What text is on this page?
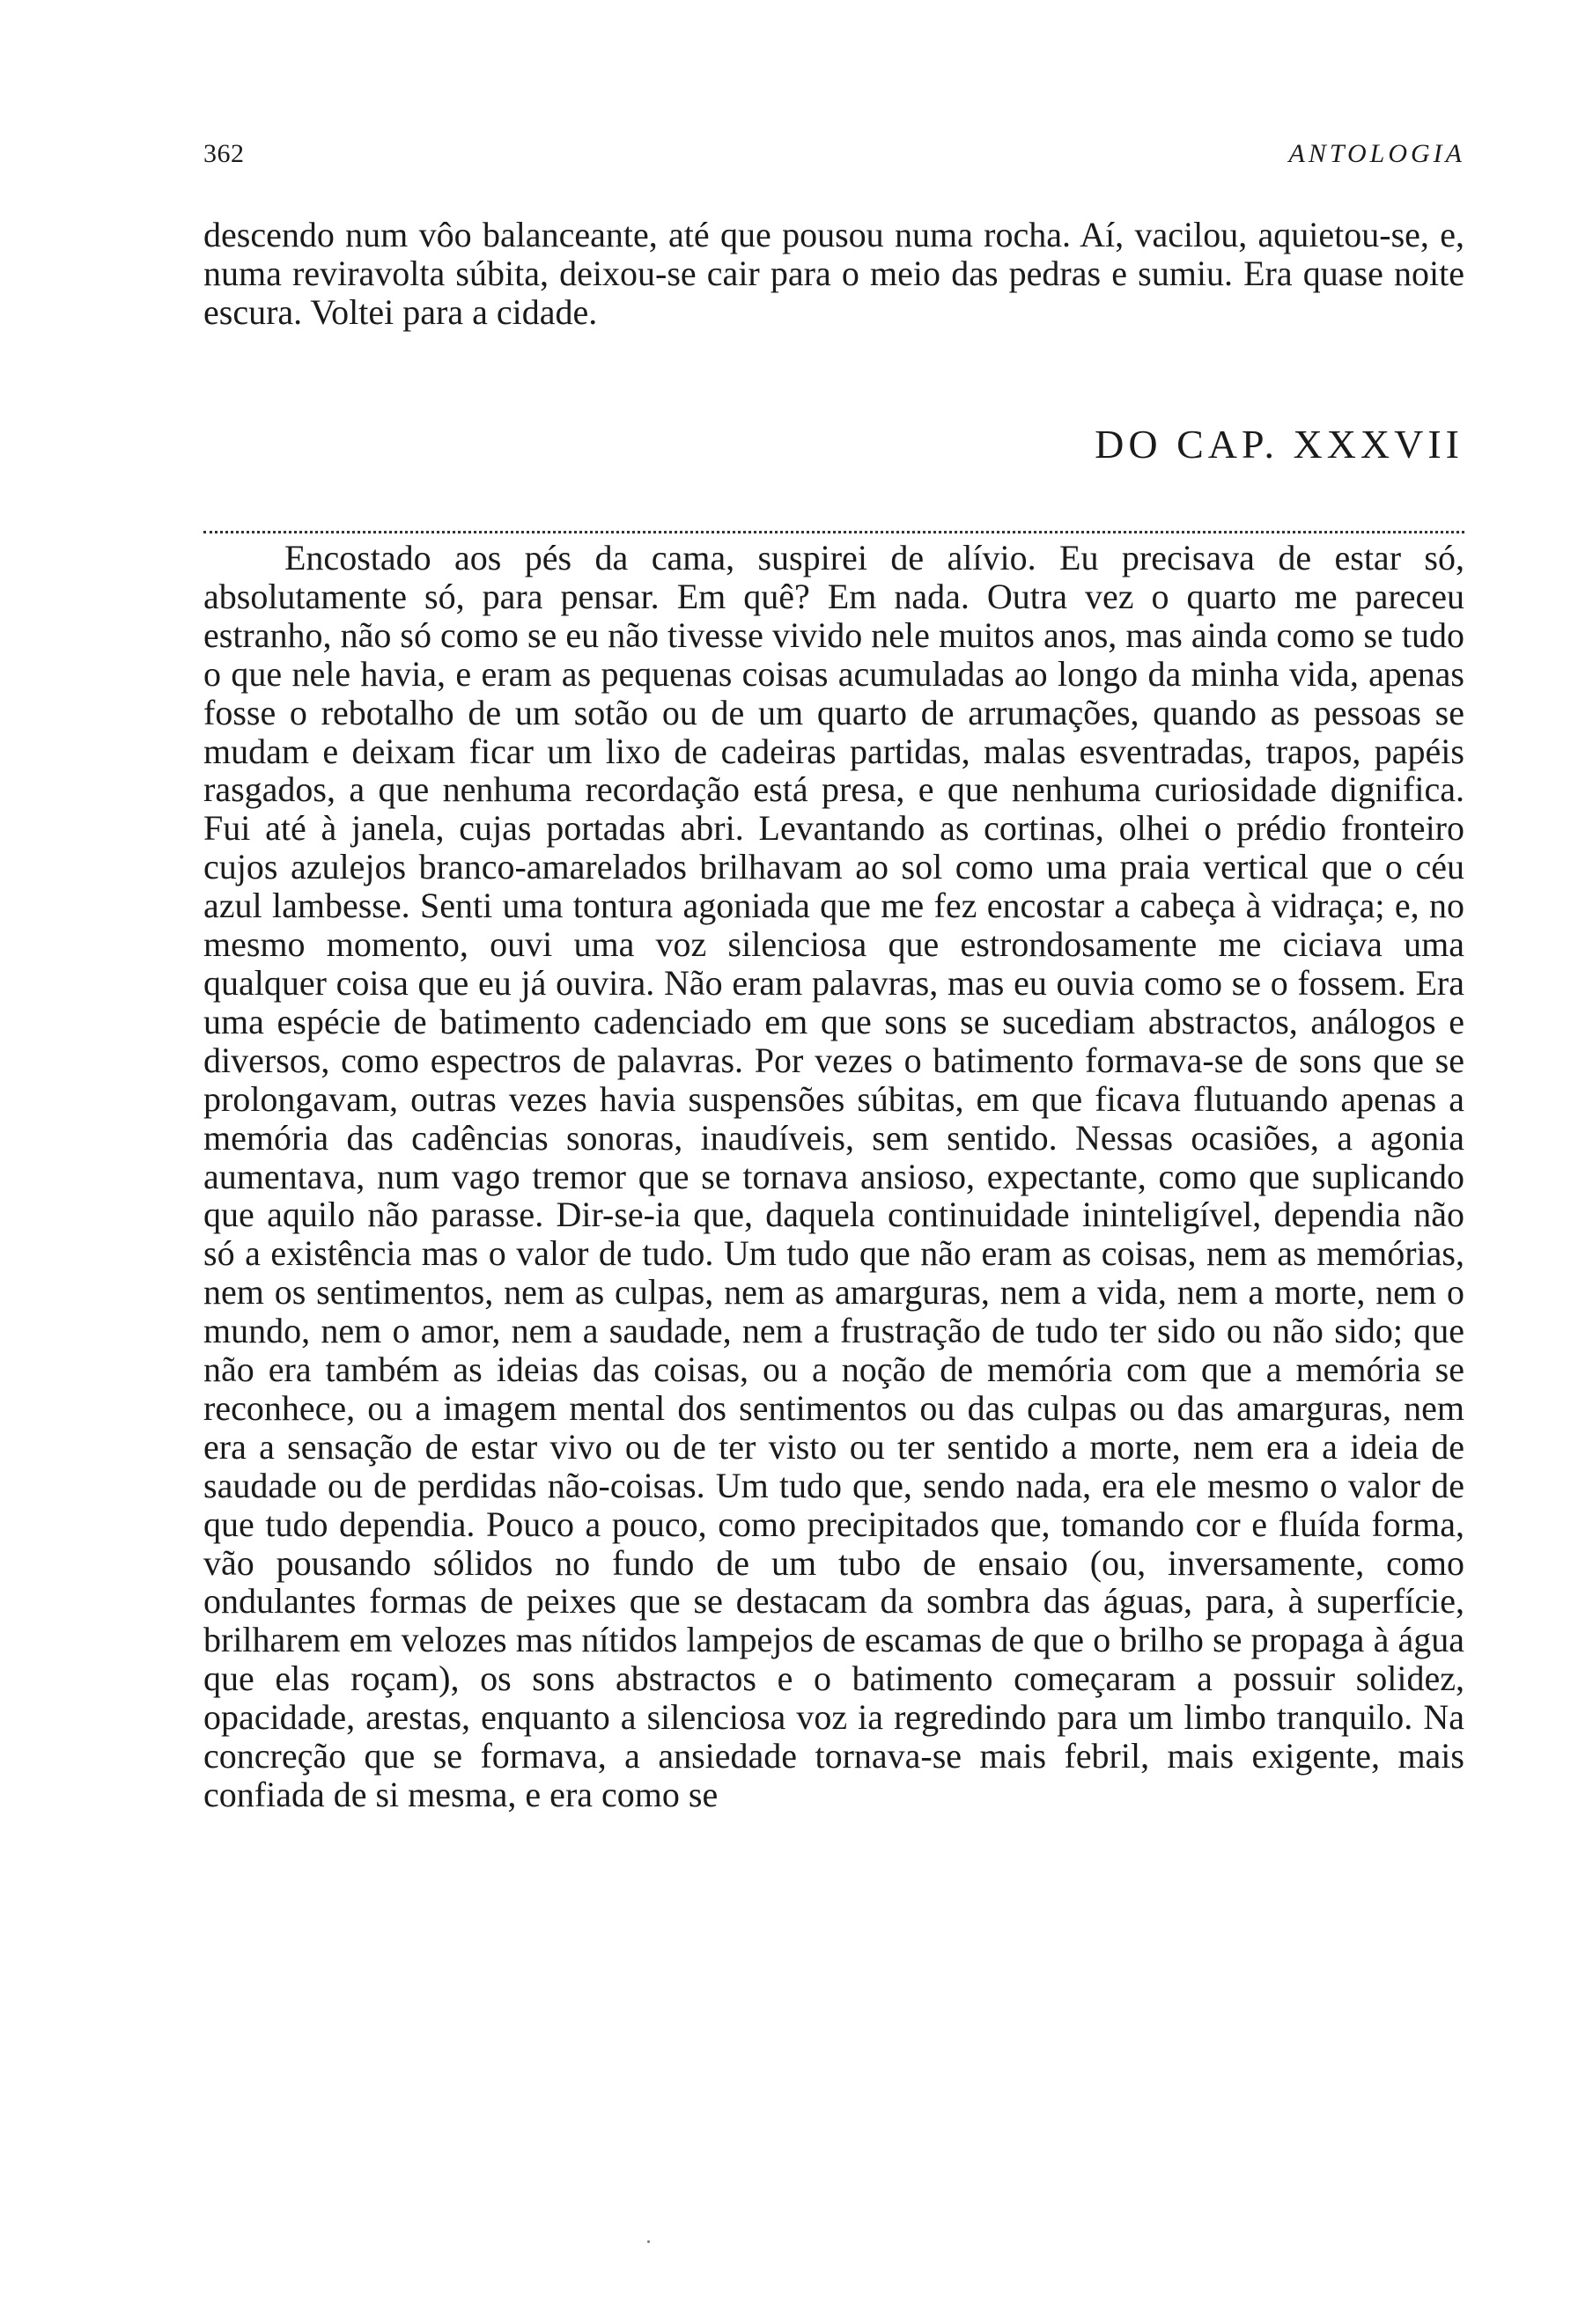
362	ANTOLOGIA

descendo num vôo balanceante, até que pousou numa rocha. Aí, vacilou, aquietou-se, e, numa reviravolta súbita, deixou-se cair para o meio das pedras e sumiu. Era quase noite escura. Voltei para a cidade.

DO CAP. XXXVII

Encostado aos pés da cama, suspirei de alívio. Eu precisava de estar só, absolutamente só, para pensar. Em quê? Em nada. Outra vez o quarto me pareceu estranho, não só como se eu não tivesse vivido nele muitos anos, mas ainda como se tudo o que nele havia, e eram as pequenas coisas acumuladas ao longo da minha vida, apenas fosse o rebotalho de um sotão ou de um quarto de arrumações, quando as pessoas se mudam e deixam ficar um lixo de cadeiras partidas, malas esventradas, trapos, papéis rasgados, a que nenhuma recordação está presa, e que nenhuma curiosidade dignifica. Fui até à janela, cujas portadas abri. Levantando as cortinas, olhei o prédio fronteiro cujos azulejos branco-amarelados brilhavam ao sol como uma praia vertical que o céu azul lambesse. Senti uma tontura agoniada que me fez encostar a cabeça à vidraça; e, no mesmo momento, ouvi uma voz silenciosa que estrondosamente me ciciava uma qualquer coisa que eu já ouvira. Não eram palavras, mas eu ouvia como se o fossem. Era uma espécie de batimento cadenciado em que sons se sucediam abstractos, análogos e diversos, como espectros de palavras. Por vezes o batimento formava-se de sons que se prolongavam, outras vezes havia suspensões súbitas, em que ficava flutuando apenas a memória das cadências sonoras, inaudíveis, sem sentido. Nessas ocasiões, a agonia aumentava, num vago tremor que se tornava ansioso, expectante, como que suplicando que aquilo não parasse. Dir-se-ia que, daquela continuidade ininteligível, dependia não só a existência mas o valor de tudo. Um tudo que não eram as coisas, nem as memórias, nem os sentimentos, nem as culpas, nem as amarguras, nem a vida, nem a morte, nem o mundo, nem o amor, nem a saudade, nem a frustração de tudo ter sido ou não sido; que não era também as ideias das coisas, ou a noção de memória com que a memória se reconhece, ou a imagem mental dos sentimentos ou das culpas ou das amarguras, nem era a sensação de estar vivo ou de ter visto ou ter sentido a morte, nem era a ideia de saudade ou de perdidas não-coisas. Um tudo que, sendo nada, era ele mesmo o valor de que tudo dependia. Pouco a pouco, como precipitados que, tomando cor e fluída forma, vão pousando sólidos no fundo de um tubo de ensaio (ou, inversamente, como ondulantes formas de peixes que se destacam da sombra das águas, para, à superfície, brilharem em velozes mas nítidos lampejos de escamas de que o brilho se propaga à água que elas roçam), os sons abstractos e o batimento começaram a possuir solidez, opacidade, arestas, enquanto a silenciosa voz ia regredindo para um limbo tranquilo. Na concreção que se formava, a ansiedade tornava-se mais febril, mais exigente, mais confiada de si mesma, e era como se
